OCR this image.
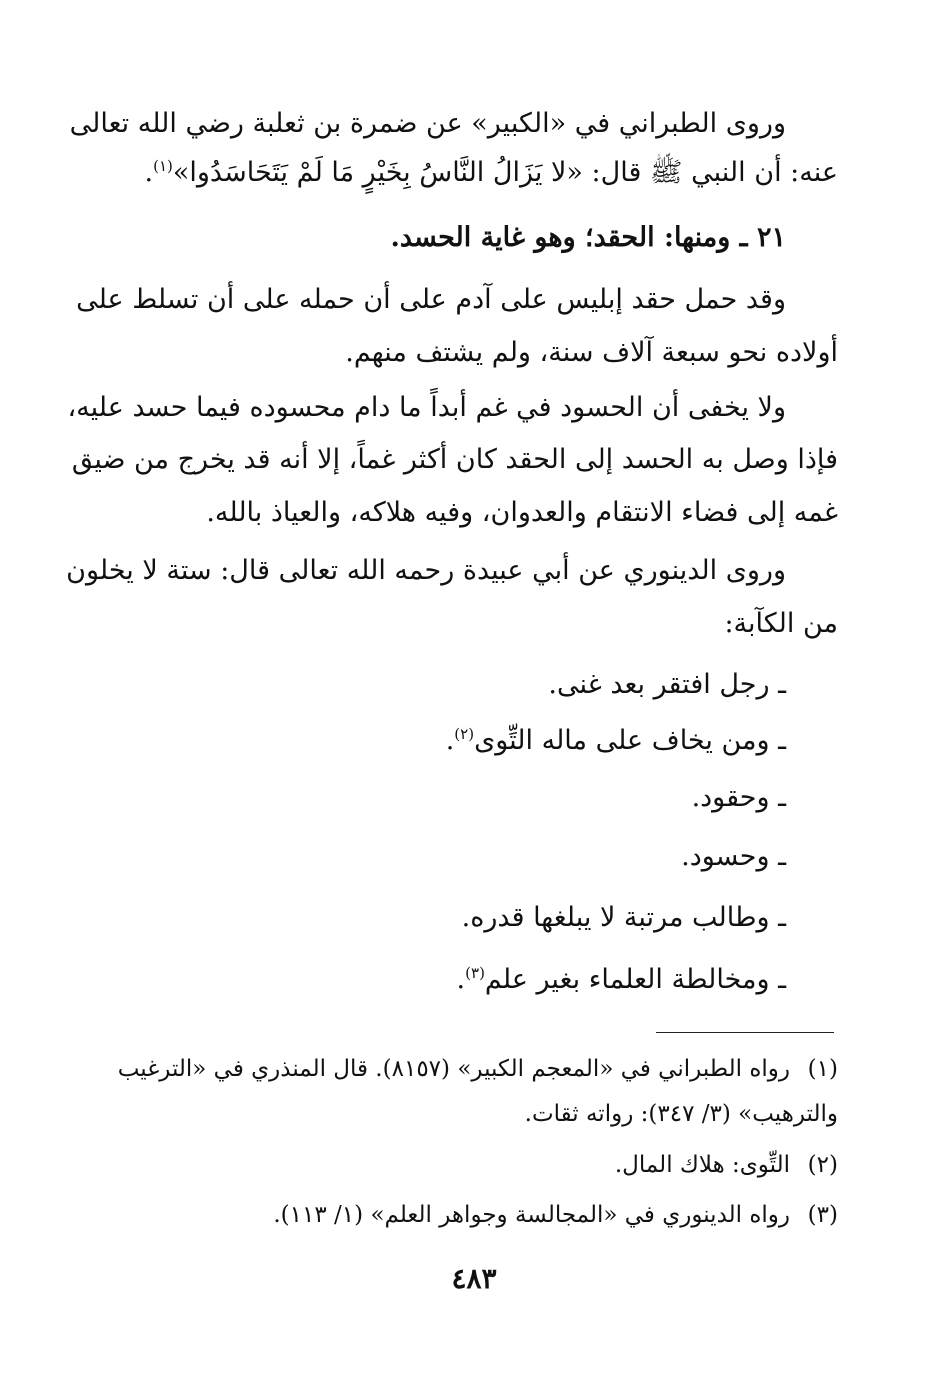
وروى الطبراني في «الكبير» عن ضمرة بن ثعلبة رضي الله تعالى
عنه: أن النبي ﷺ قال: «لا يَزَالُ النَّاسُ بِخَيْرٍ مَا لَمْ يَتَحَاسَدُوا»$^{(١)}$.
٢١ ـ ومنها: الحقد؛ وهو غاية الحسد.
وقد حمل حقد إبليس على آدم على أن حمله على أن تسلط على
أولاده نحو سبعة آلاف سنة، ولم يشتف منهم.
ولا يخفى أن الحسود في غم أبداً ما دام محسوده فيما حسد عليه،
فإذا وصل به الحسد إلى الحقد كان أكثر غماً، إلا أنه قد يخرج من ضيق
غمه إلى فضاء الانتقام والعدوان، وفيه هلاكه، والعياذ بالله.
وروى الدينوري عن أبي عبيدة رحمه الله تعالى قال: ستة لا يخلون
من الكآبة:
ـ رجل افتقر بعد غنى.
ـ ومن يخاف على ماله التِّوى$^{(٢)}$.
ـ وحقود.
ـ وحسود.
ـ وطالب مرتبة لا يبلغها قدره.
ـ ومخالطة العلماء بغير علم$^{(٣)}$.
(١)رواه الطبراني في «المعجم الكبير» (٨١٥٧). قال المنذري في «الترغيب
والترهيب» (٣/ ٣٤٧): رواته ثقات.
(٢)التِّوى: هلاك المال.
(٣)رواه الدينوري في «المجالسة وجواهر العلم» (١/ ١١٣).
٤٨٣
